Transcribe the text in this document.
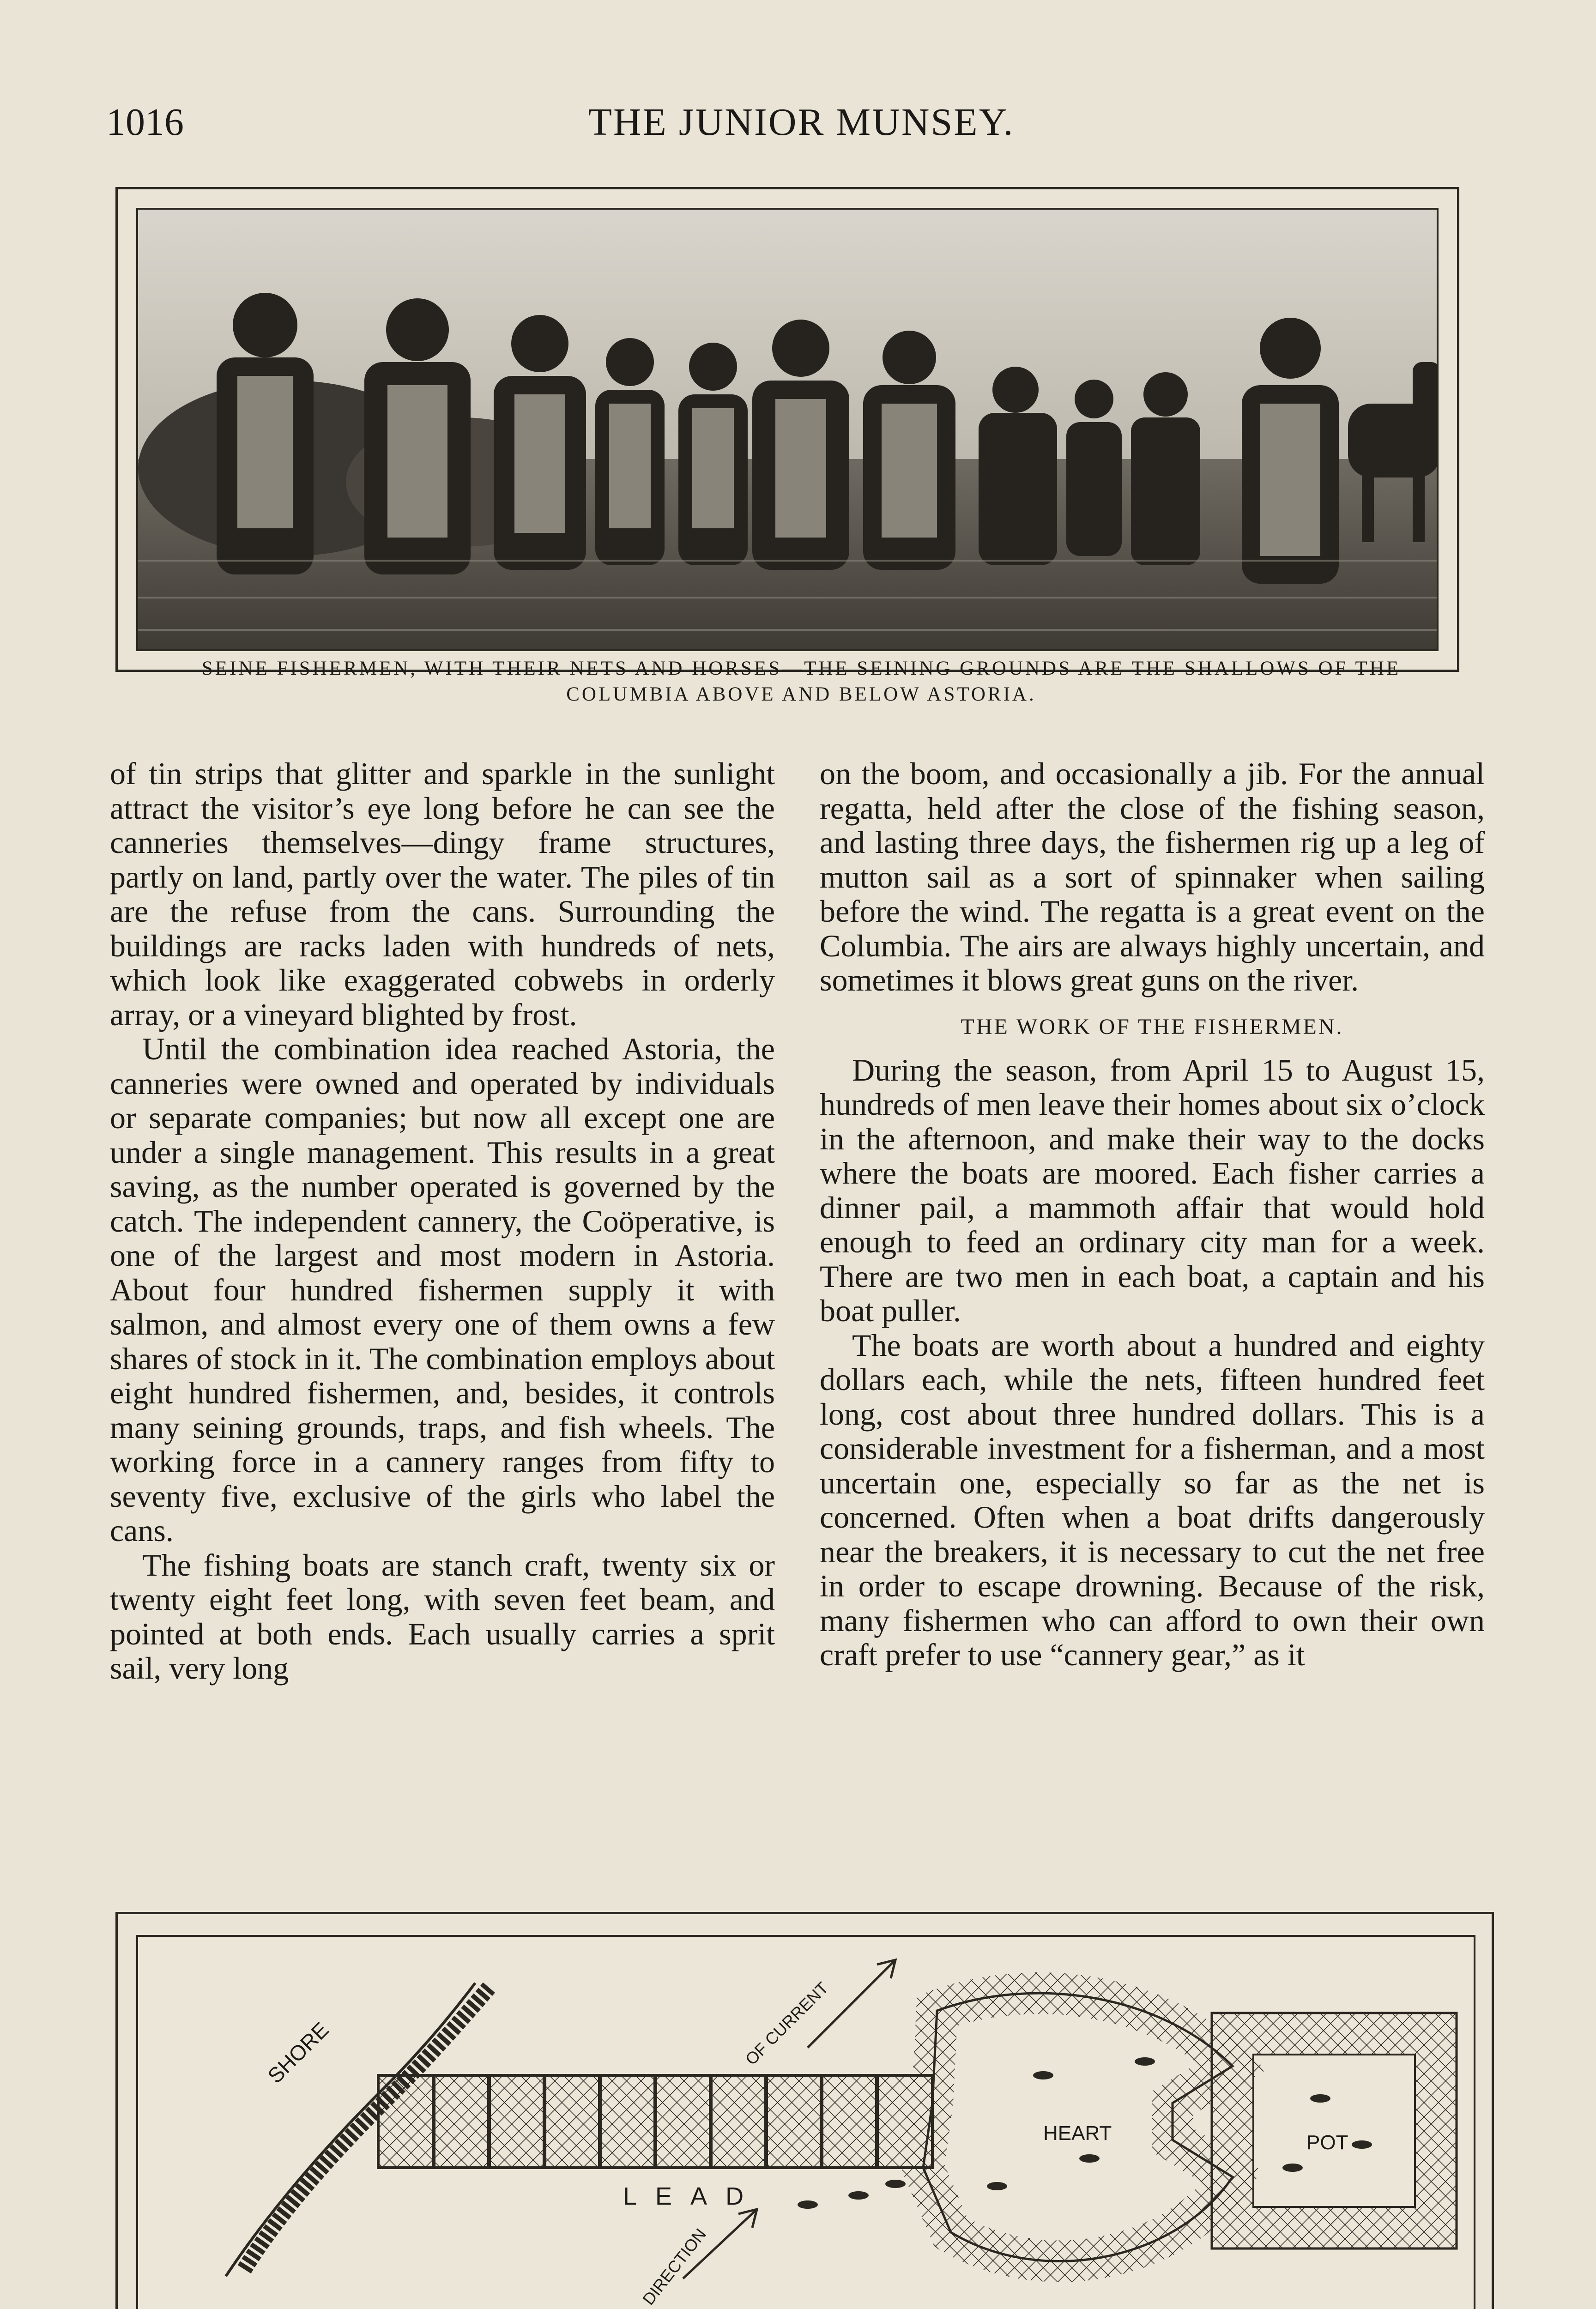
1016	THE JUNIOR MUNSEY.
SEINE FISHERMEN, WITH THEIR NETS AND HORSES—THE SEINING GROUNDS ARE THE SHALLOWS OF THE
COLUMBIA ABOVE AND BELOW ASTORIA.

of tin strips that glitter and sparkle in the sunlight attract the visitor’s eye long before he can see the canneries themselves—dingy frame structures, partly on land, partly over the water. The piles of tin are the refuse from the cans. Surrounding the buildings are racks laden with hundreds of nets, which look like exaggerated cobwebs in orderly array, or a vineyard blighted by frost.

Until the combination idea reached Astoria, the canneries were owned and operated by individuals or separate companies; but now all except one are under a single management. This results in a great saving, as the number operated is governed by the catch. The independent cannery, the Coöperative, is one of the largest and most modern in Astoria. About four hundred fishermen supply it with salmon, and almost every one of them owns a few shares of stock in it. The combination employs about eight hundred fishermen, and, besides, it controls many seining grounds, traps, and fish wheels. The working force in a cannery ranges from fifty to seventy five, exclusive of the girls who label the cans.

The fishing boats are stanch craft, twenty six or twenty eight feet long, with seven feet beam, and pointed at both ends. Each usually carries a sprit sail, very long

on the boom, and occasionally a jib. For the annual regatta, held after the close of the fishing season, and lasting three days, the fishermen rig up a leg of mutton sail as a sort of spinnaker when sailing before the wind. The regatta is a great event on the Columbia. The airs are always highly uncertain, and sometimes it blows great guns on the river.

THE WORK OF THE FISHERMEN.

During the season, from April 15 to August 15, hundreds of men leave their homes about six o’clock in the afternoon, and make their way to the docks where the boats are moored. Each fisher carries a dinner pail, a mammoth affair that would hold enough to feed an ordinary city man for a week. There are two men in each boat, a captain and his boat puller.

The boats are worth about a hundred and eighty dollars each, while the nets, fifteen hundred feet long, cost about three hundred dollars. This is a considerable investment for a fisherman, and a most uncertain one, especially so far as the net is concerned. Often when a boat drifts dangerously near the breakers, it is necessary to cut the net free in order to escape drowning. Because of the risk, many fishermen who can afford to own their own craft prefer to use “cannery gear,” as it

SHORE
LEAD
HEART	POT
OF CURRENT
DIRECTION
